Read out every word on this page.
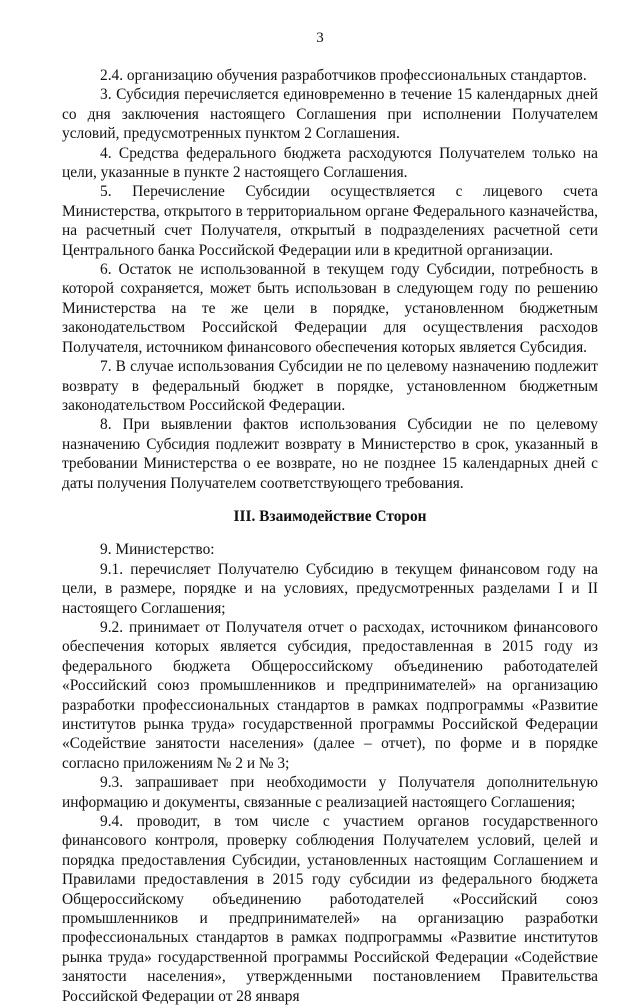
3

2.4. организацию обучения разработчиков профессиональных стандартов.

3. Субсидия перечисляется единовременно в течение 15 календарных дней со дня заключения настоящего Соглашения при исполнении Получателем условий, предусмотренных пунктом 2 Соглашения.

4. Средства федерального бюджета расходуются Получателем только на цели, указанные в пункте 2 настоящего Соглашения.

5. Перечисление Субсидии осуществляется с лицевого счета Министерства, открытого в территориальном органе Федерального казначейства, на расчетный счет Получателя, открытый в подразделениях расчетной сети Центрального банка Российской Федерации или в кредитной организации.

6. Остаток не использованной в текущем году Субсидии, потребность в которой сохраняется, может быть использован в следующем году по решению Министерства на те же цели в порядке, установленном бюджетным законодательством Российской Федерации для осуществления расходов Получателя, источником финансового обеспечения которых является Субсидия.

7. В случае использования Субсидии не по целевому назначению подлежит возврату в федеральный бюджет в порядке, установленном бюджетным законодательством Российской Федерации.

8. При выявлении фактов использования Субсидии не по целевому назначению Субсидия подлежит возврату в Министерство в срок, указанный в требовании Министерства о ее возврате, но не позднее 15 календарных дней с даты получения Получателем соответствующего требования.

III. Взаимодействие Сторон

9. Министерство:

9.1. перечисляет Получателю Субсидию в текущем финансовом году на цели, в размере, порядке и на условиях, предусмотренных разделами I и II настоящего Соглашения;

9.2. принимает от Получателя отчет о расходах, источником финансового обеспечения которых является субсидия, предоставленная в 2015 году из федерального бюджета Общероссийскому объединению работодателей «Российский союз промышленников и предпринимателей» на организацию разработки профессиональных стандартов в рамках подпрограммы «Развитие институтов рынка труда» государственной программы Российской Федерации «Содействие занятости населения» (далее – отчет), по форме и в порядке согласно приложениям № 2 и № 3;

9.3. запрашивает при необходимости у Получателя дополнительную информацию и документы, связанные с реализацией настоящего Соглашения;

9.4. проводит, в том числе с участием органов государственного финансового контроля, проверку соблюдения Получателем условий, целей и порядка предоставления Субсидии, установленных настоящим Соглашением и Правилами предоставления в 2015 году субсидии из федерального бюджета Общероссийскому объединению работодателей «Российский союз промышленников и предпринимателей» на организацию разработки профессиональных стандартов в рамках подпрограммы «Развитие институтов рынка труда» государственной программы Российской Федерации «Содействие занятости населения», утвержденными постановлением Правительства Российской Федерации от 28 января
